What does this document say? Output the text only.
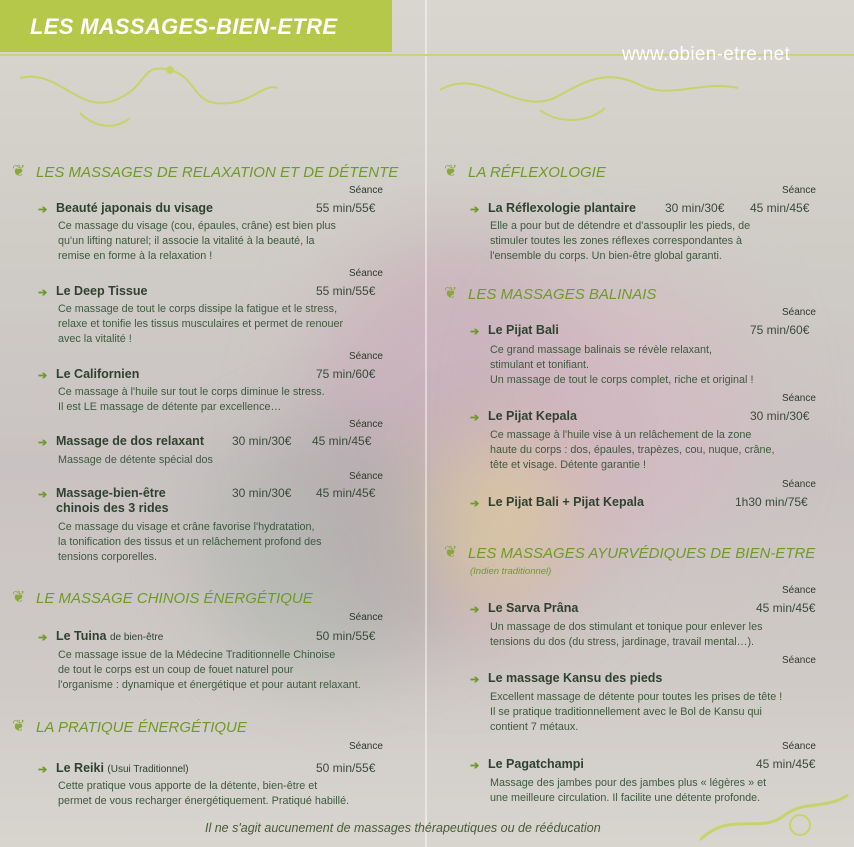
LES MASSAGES-BIEN-ETRE
www.obien-etre.net
❦ LES MASSAGES DE RELAXATION ET DE DÉTENTE
Séance
➔ Beauté japonais du visage	55 min/55€
Ce massage du visage (cou, épaules, crâne) est bien plus
qu'un lifting naturel; il associe la vitalité à la beauté, la
remise en forme à la relaxation !
Séance
➔ Le Deep Tissue	55 min/55€
Ce massage de tout le corps dissipe la fatigue et le stress,
relaxe et tonifie les tissus musculaires et permet de renouer
avec la vitalité !
Séance
➔ Le Californien	75 min/60€
Ce massage à l'huile sur tout le corps diminue le stress.
Il est LE massage de détente par excellence…
Séance
➔ Massage de dos relaxant 30 min/30€ 45 min/45€
Massage de détente spécial dos
Séance
➔ Massage-bien-être
chinois des 3 rides
30 min/30€ 45 min/45€
Ce massage du visage et crâne favorise l'hydratation,
la tonification des tissus et un relâchement profond des
tensions corporelles.
❦ LE MASSAGE CHINOIS ÉNERGÉTIQUE
Séance
➔ Le Tuina de bien-être	50 min/55€
Ce massage issue de la Médecine Traditionnelle Chinoise
de tout le corps est un coup de fouet naturel pour
l'organisme : dynamique et énergétique et pour autant relaxant.
❦ LA PRATIQUE ÉNERGÉTIQUE
Séance
➔ Le Reiki (Usui Traditionnel)	50 min/55€
Cette pratique vous apporte de la détente, bien-être et
permet de vous recharger énergétiquement. Pratiqué habillé.
❦ LA RÉFLEXOLOGIE
Séance
➔ La Réflexologie plantaire 30 min/30€ 45 min/45€
Elle a pour but de détendre et d'assouplir les pieds, de
stimuler toutes les zones réflexes correspondantes à
l'ensemble du corps. Un bien-être global garanti.
❦ LES MASSAGES BALINAIS
Séance
➔ Le Pijat Bali	75 min/60€
Ce grand massage balinais se révèle relaxant,
stimulant et tonifiant.
Un massage de tout le corps complet, riche et original !
Séance
➔ Le Pijat Kepala	30 min/30€
Ce massage à l'huile vise à un relâchement de la zone
haute du corps : dos, épaules, trapèzes, cou, nuque, crâne,
tête et visage. Détente garantie !
Séance
➔ Le Pijat Bali + Pijat Kepala	1h30 min/75€
❦ LES MASSAGES AYURVÉDIQUES DE BIEN-ETRE
(Indien traditionnel)
Séance
➔ Le Sarva Prâna	45 min/45€
Un massage de dos stimulant et tonique pour enlever les
tensions du dos (du stress, jardinage, travail mental…).
Séance
➔ Le massage Kansu des pieds
Excellent massage de détente pour toutes les prises de tête !
Il se pratique traditionnellement avec le Bol de Kansu qui
contient 7 métaux.
Séance
➔ Le Pagatchampi	45 min/45€
Massage des jambes pour des jambes plus « légères » et
une meilleure circulation. Il facilite une détente profonde.
Il ne s'agit aucunement de massages thérapeutiques ou de rééducation
